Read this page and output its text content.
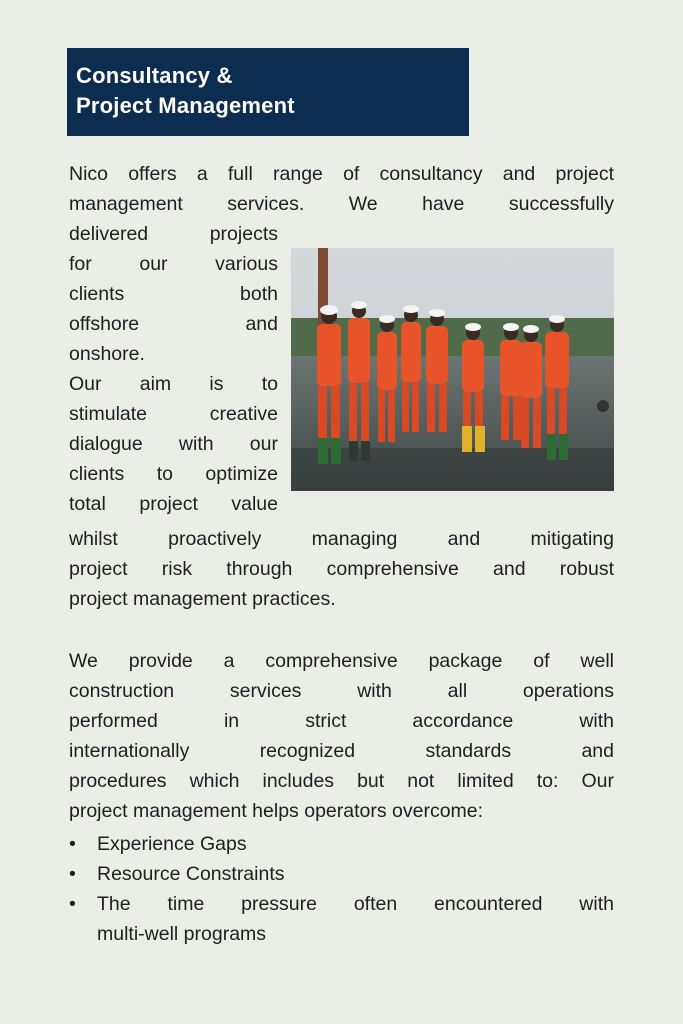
Consultancy &
Project Management
Nico offers a full range of consultancy and project
management services. We have successfully
delivered projects
for our various
clients both
offshore and
onshore.
Our aim is to
stimulate creative
dialogue with our
clients to optimize
total project value
whilst proactively managing and mitigating
project risk through comprehensive and robust
project management practices.
We provide a comprehensive package of well
construction services with all operations
performed in strict accordance with
internationally recognized standards and
procedures which includes but not limited to: Our
project management helps operators overcome:
• Experience Gaps
• Resource Constraints
• The time pressure often encountered with
multi-well programs
